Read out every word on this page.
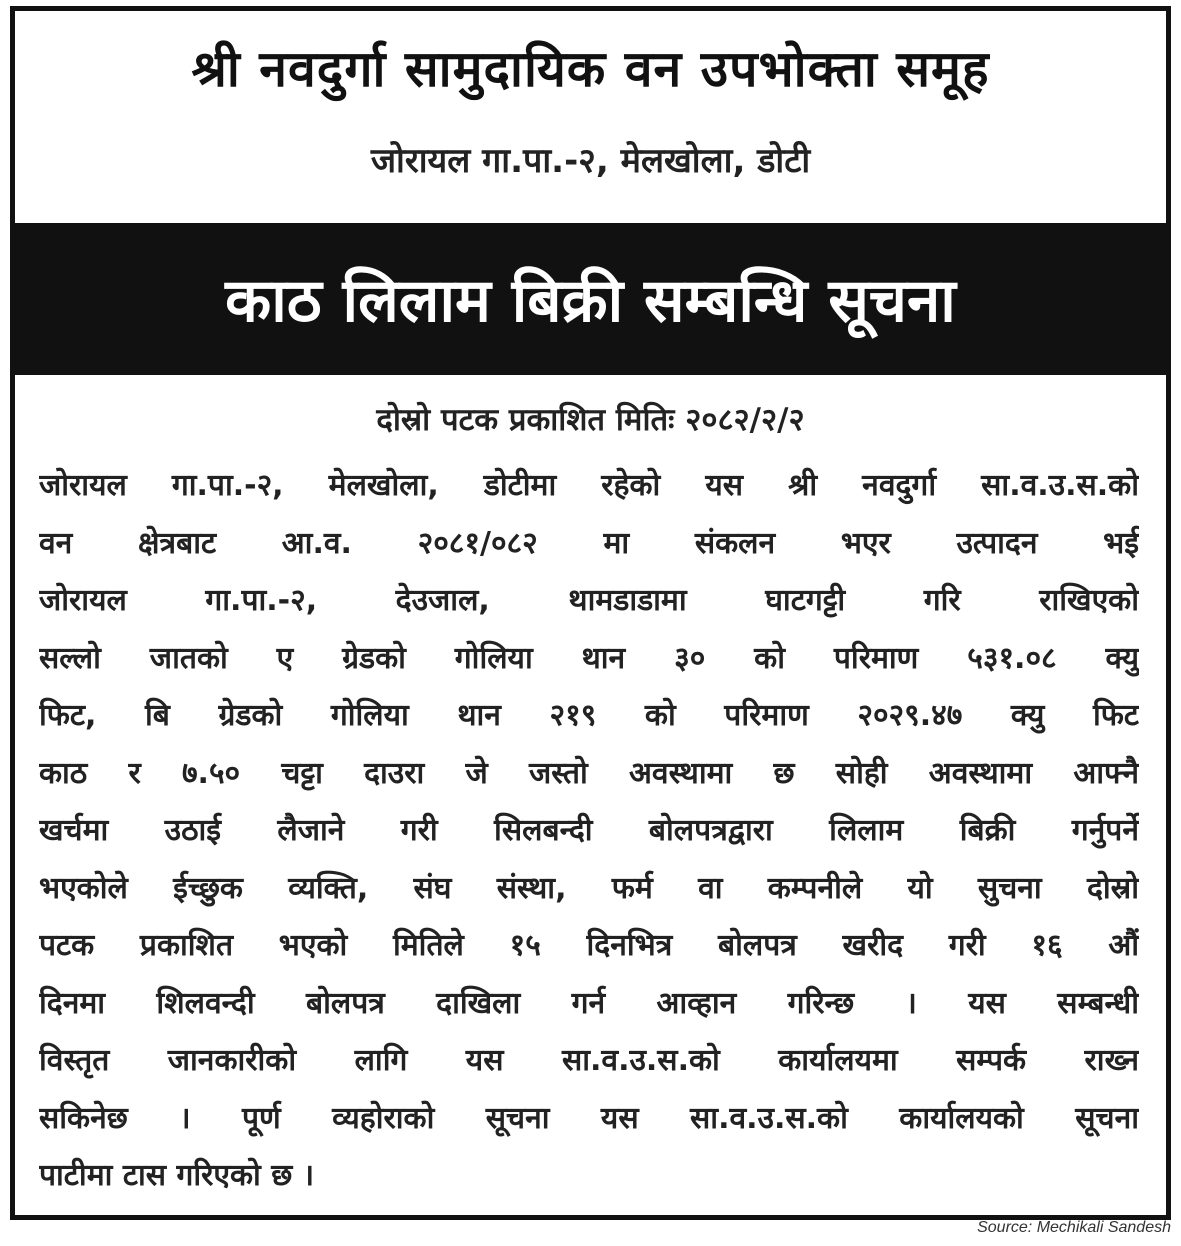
श्री नवदुर्गा सामुदायिक वन उपभोक्ता समूह
जोरायल गा.पा.-२, मेलखोला, डोटी
काठ लिलाम बिक्री सम्बन्धि सूचना
दोस्रो पटक प्रकाशित मितिः २०८२/२/२
जोरायल गा.पा.-२, मेलखोला, डोटीमा रहेको यस श्री नवदुर्गा सा.व.उ.स.को
वन क्षेत्रबाट आ.व. २०८१/०८२ मा संकलन भएर उत्पादन भई
जोरायल गा.पा.-२, देउजाल, थामडाडामा घाटगट्टी गरि राखिएको
सल्लो जातको ए ग्रेडको गोलिया थान ३० को परिमाण ५३१.०८ क्यु
फिट, बि ग्रेडको गोलिया थान २१९ को परिमाण २०२९.४७ क्यु फिट
काठ र ७.५० चट्टा दाउरा जे जस्तो अवस्थामा छ सोही अवस्थामा आफ्नै
खर्चमा उठाई लैजाने गरी सिलबन्दी बोलपत्रद्वारा लिलाम बिक्री गर्नुपर्ने
भएकोले ईच्छुक व्यक्ति, संघ संस्था, फर्म वा कम्पनीले यो सुचना दोस्रो
पटक प्रकाशित भएको मितिले १५ दिनभित्र बोलपत्र खरीद गरी १६ औं
दिनमा शिलवन्दी बोलपत्र दाखिला गर्न आव्हान गरिन्छ । यस सम्बन्धी
विस्तृत जानकारीको लागि यस सा.व.उ.स.को कार्यालयमा सम्पर्क राख्न
सकिनेछ । पूर्ण व्यहोराको सूचना यस सा.व.उ.स.को कार्यालयको सूचना
पाटीमा टास गरिएको छ ।
Source: Mechikali Sandesh
